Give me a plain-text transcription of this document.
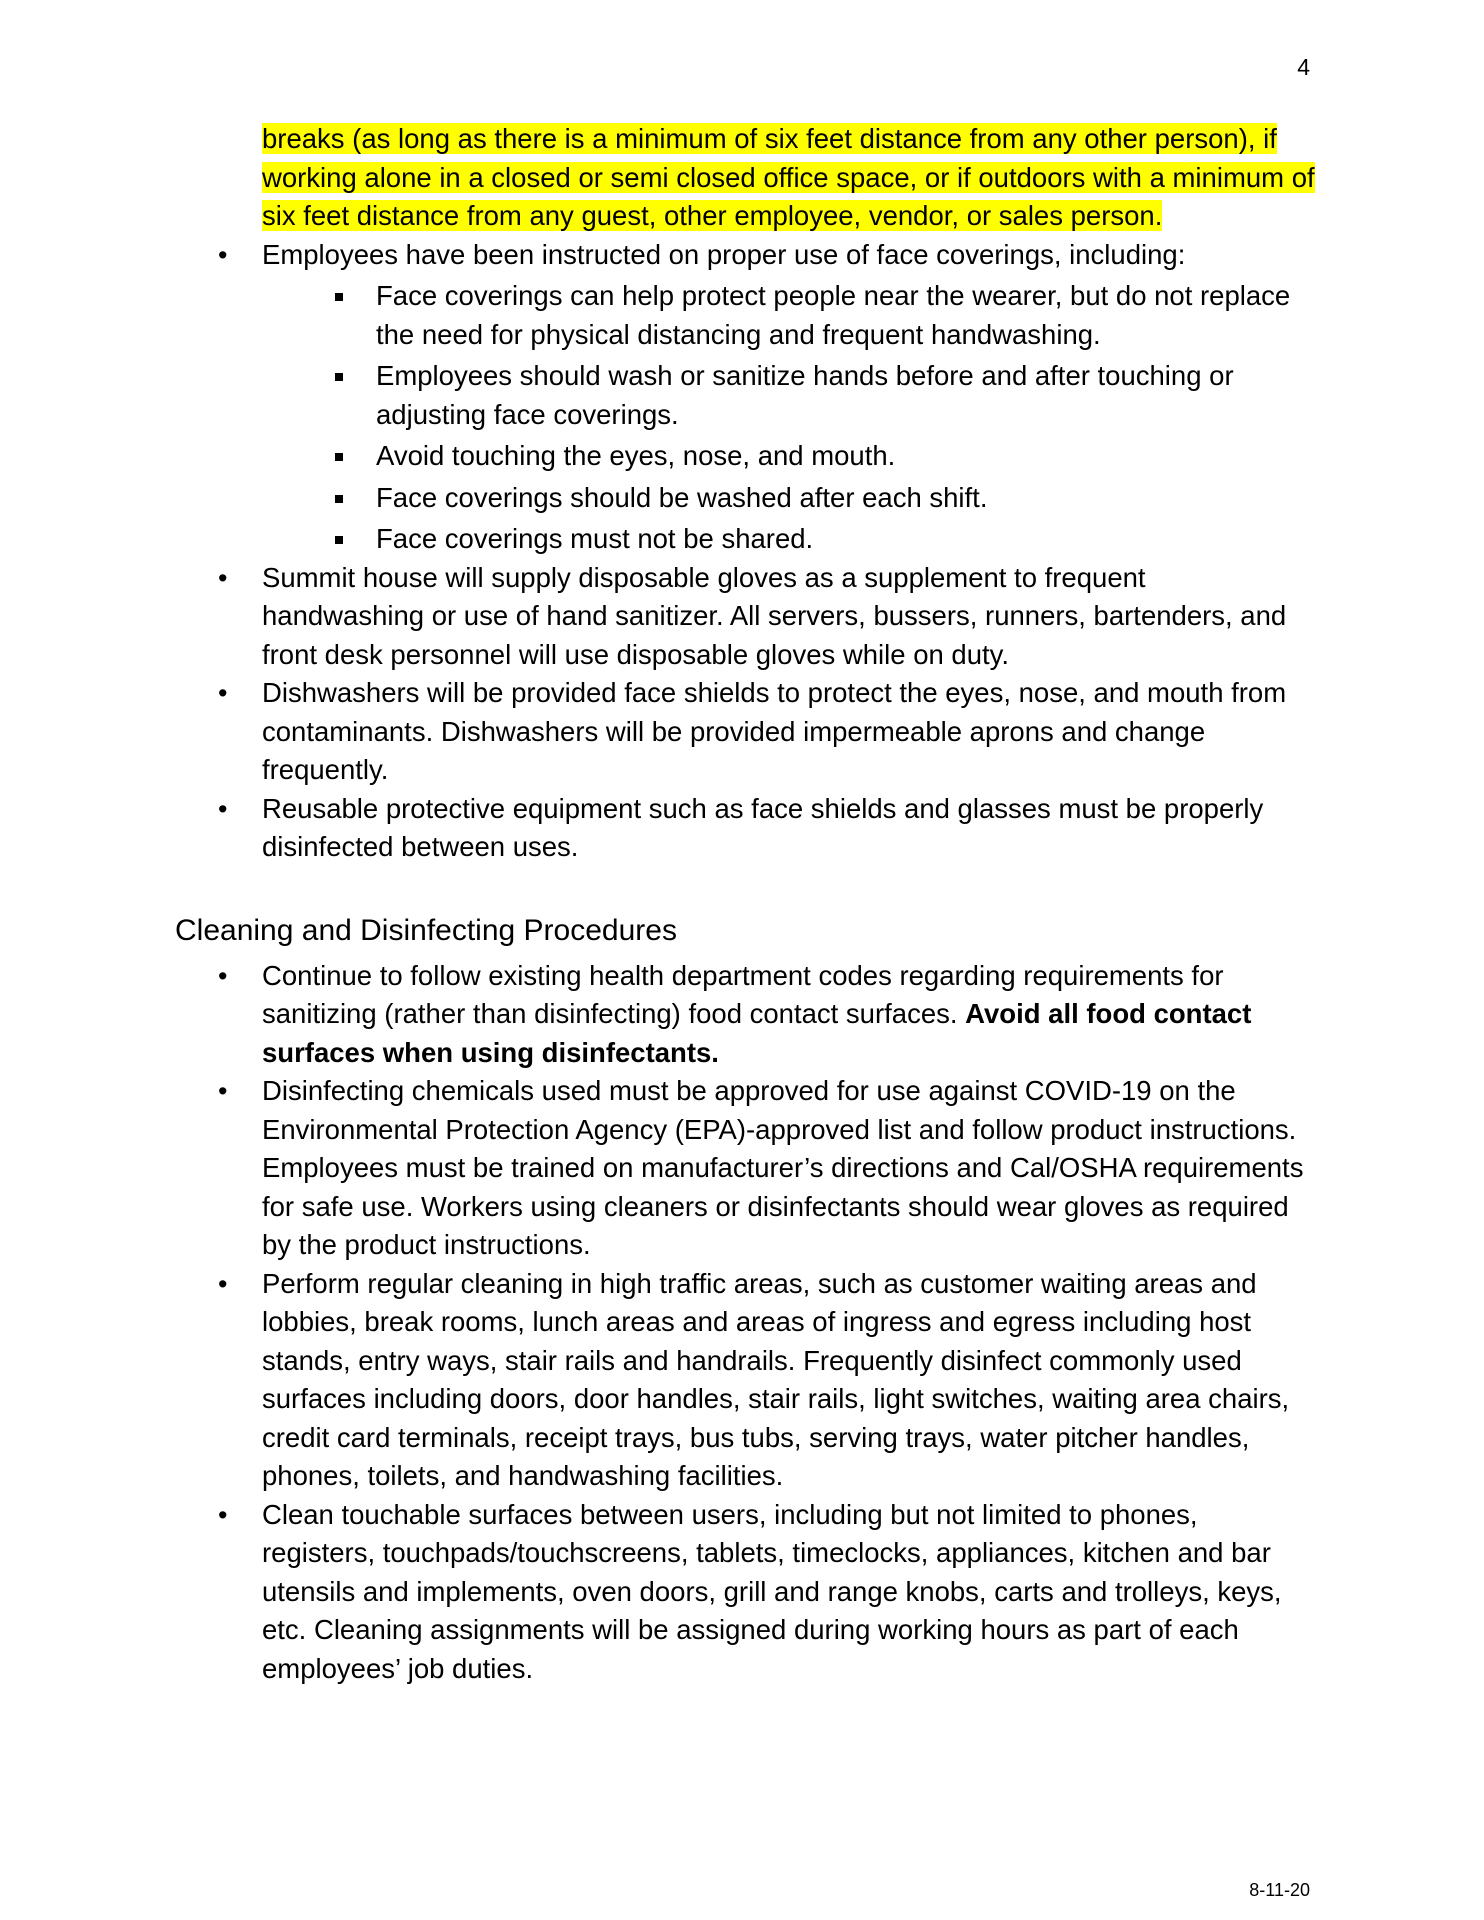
4
breaks (as long as there is a minimum of six feet distance from any other person), if
working alone in a closed or semi closed office space, or if outdoors with a minimum of
six feet distance from any guest, other employee, vendor, or sales person.
• Employees have been instructed on proper use of face coverings, including:
Face coverings can help protect people near the wearer, but do not replace the need for physical distancing and frequent handwashing.
Employees should wash or sanitize hands before and after touching or adjusting face coverings.
Avoid touching the eyes, nose, and mouth.
Face coverings should be washed after each shift.
Face coverings must not be shared.
• Summit house will supply disposable gloves as a supplement to frequent handwashing or use of hand sanitizer. All servers, bussers, runners, bartenders, and front desk personnel will use disposable gloves while on duty.
• Dishwashers will be provided face shields to protect the eyes, nose, and mouth from contaminants. Dishwashers will be provided impermeable aprons and change frequently.
• Reusable protective equipment such as face shields and glasses must be properly disinfected between uses.
Cleaning and Disinfecting Procedures
• Continue to follow existing health department codes regarding requirements for sanitizing (rather than disinfecting) food contact surfaces. Avoid all food contact surfaces when using disinfectants.
• Disinfecting chemicals used must be approved for use against COVID-19 on the Environmental Protection Agency (EPA)-approved list and follow product instructions. Employees must be trained on manufacturer’s directions and Cal/OSHA requirements for safe use. Workers using cleaners or disinfectants should wear gloves as required by the product instructions.
• Perform regular cleaning in high traffic areas, such as customer waiting areas and lobbies, break rooms, lunch areas and areas of ingress and egress including host stands, entry ways, stair rails and handrails. Frequently disinfect commonly used surfaces including doors, door handles, stair rails, light switches, waiting area chairs, credit card terminals, receipt trays, bus tubs, serving trays, water pitcher handles, phones, toilets, and handwashing facilities.
• Clean touchable surfaces between users, including but not limited to phones, registers, touchpads/touchscreens, tablets, timeclocks, appliances, kitchen and bar utensils and implements, oven doors, grill and range knobs, carts and trolleys, keys, etc. Cleaning assignments will be assigned during working hours as part of each employees’ job duties.
8-11-20
